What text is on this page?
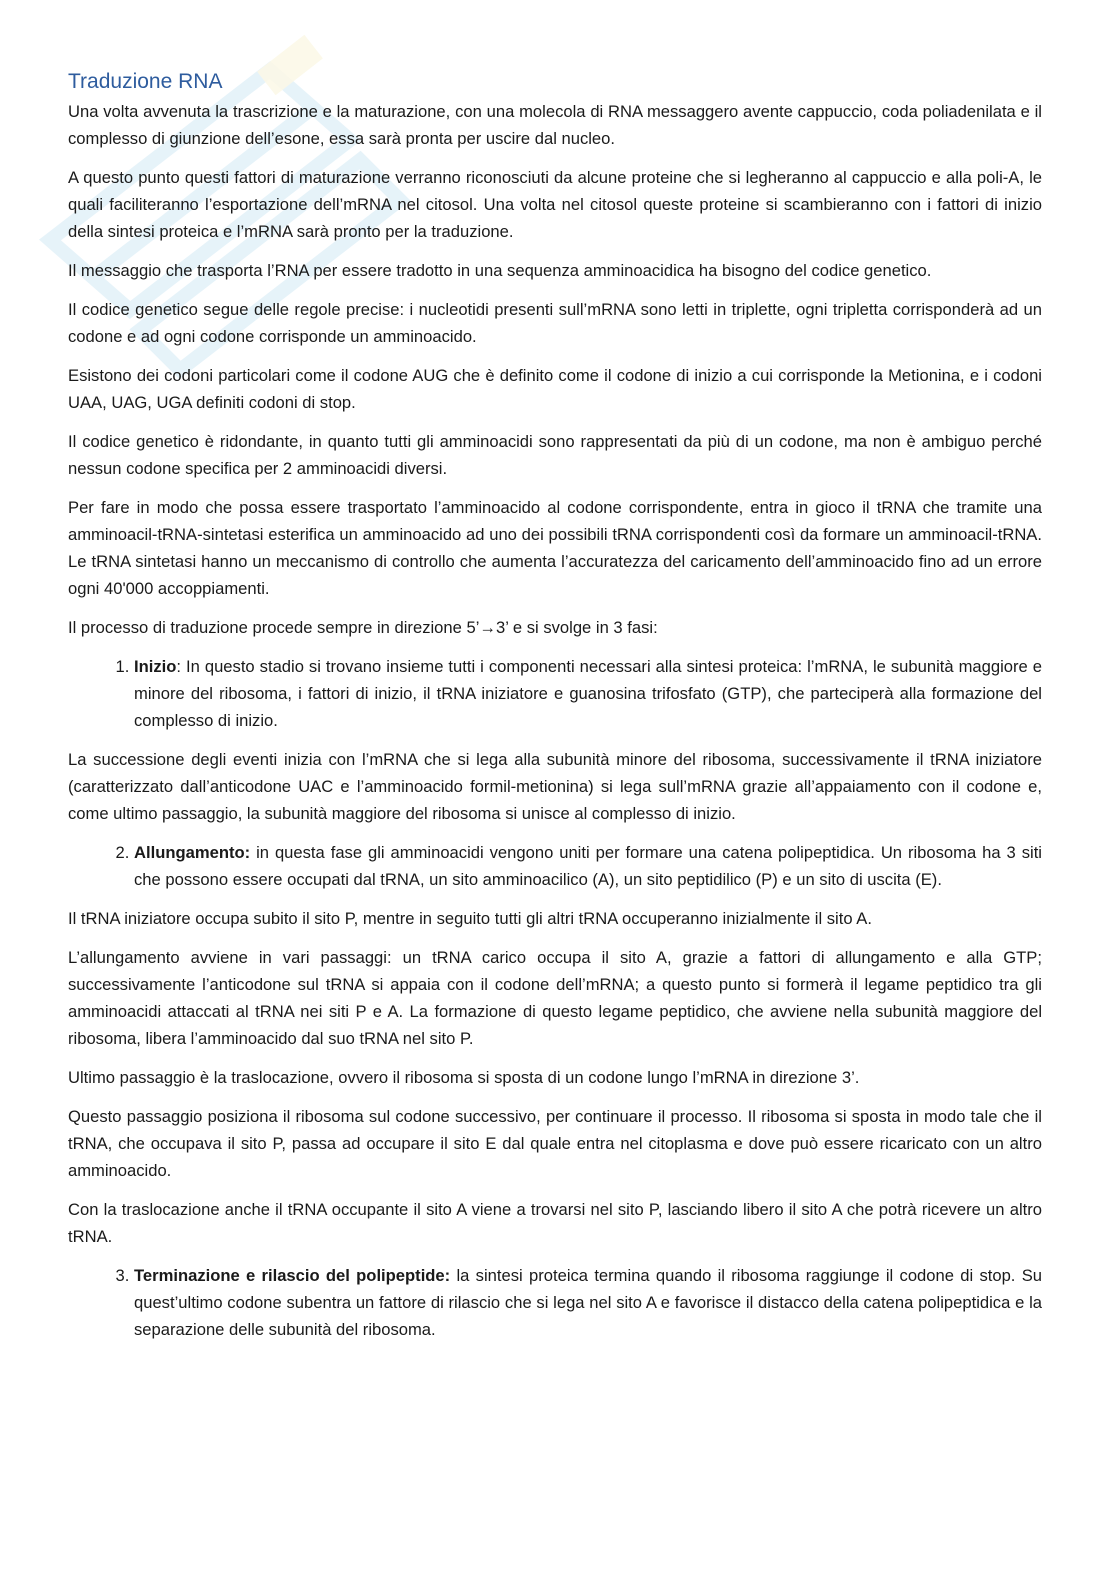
Traduzione RNA

Una volta avvenuta la trascrizione e la maturazione, con una molecola di RNA messaggero avente cappuccio, coda poliadenilata e il complesso di giunzione dell’esone, essa sarà pronta per uscire dal nucleo.

A questo punto questi fattori di maturazione verranno riconosciuti da alcune proteine che si legheranno al cappuccio e alla poli-A, le quali faciliteranno l’esportazione dell’mRNA nel citosol. Una volta nel citosol queste proteine si scambieranno con i fattori di inizio della sintesi proteica e l’mRNA sarà pronto per la traduzione.

Il messaggio che trasporta l’RNA per essere tradotto in una sequenza amminoacidica ha bisogno del codice genetico.

Il codice genetico segue delle regole precise: i nucleotidi presenti sull’mRNA sono letti in triplette, ogni tripletta corrisponderà ad un codone e ad ogni codone corrisponde un amminoacido.

Esistono dei codoni particolari come il codone AUG che è definito come il codone di inizio a cui corrisponde la Metionina, e i codoni UAA, UAG, UGA definiti codoni di stop.

Il codice genetico è ridondante, in quanto tutti gli amminoacidi sono rappresentati da più di un codone, ma non è ambiguo perché nessun codone specifica per 2 amminoacidi diversi.

Per fare in modo che possa essere trasportato l’amminoacido al codone corrispondente, entra in gioco il tRNA che tramite una amminoacil-tRNA-sintetasi esterifica un amminoacido ad uno dei possibili tRNA corrispondenti così da formare un amminoacil-tRNA. Le tRNA sintetasi hanno un meccanismo di controllo che aumenta l’accuratezza del caricamento dell’amminoacido fino ad un errore ogni 40'000 accoppiamenti.

Il processo di traduzione procede sempre in direzione 5’→3’ e si svolge in 3 fasi:

1. Inizio: In questo stadio si trovano insieme tutti i componenti necessari alla sintesi proteica: l’mRNA, le subunità maggiore e minore del ribosoma, i fattori di inizio, il tRNA iniziatore e guanosina trifosfato (GTP), che parteciperà alla formazione del complesso di inizio.

La successione degli eventi inizia con l’mRNA che si lega alla subunità minore del ribosoma, successivamente il tRNA iniziatore (caratterizzato dall’anticodone UAC e l’amminoacido formil-metionina) si lega sull’mRNA grazie all’appaiamento con il codone e, come ultimo passaggio, la subunità maggiore del ribosoma si unisce al complesso di inizio.

2. Allungamento: in questa fase gli amminoacidi vengono uniti per formare una catena polipeptidica. Un ribosoma ha 3 siti che possono essere occupati dal tRNA, un sito amminoacilico (A), un sito peptidilico (P) e un sito di uscita (E).

Il tRNA iniziatore occupa subito il sito P, mentre in seguito tutti gli altri tRNA occuperanno inizialmente il sito A.

L’allungamento avviene in vari passaggi: un tRNA carico occupa il sito A, grazie a fattori di allungamento e alla GTP; successivamente l’anticodone sul tRNA si appaia con il codone dell’mRNA; a questo punto si formerà il legame peptidico tra gli amminoacidi attaccati al tRNA nei siti P e A. La formazione di questo legame peptidico, che avviene nella subunità maggiore del ribosoma, libera l’amminoacido dal suo tRNA nel sito P.

Ultimo passaggio è la traslocazione, ovvero il ribosoma si sposta di un codone lungo l’mRNA in direzione 3’.

Questo passaggio posiziona il ribosoma sul codone successivo, per continuare il processo. Il ribosoma si sposta in modo tale che il tRNA, che occupava il sito P, passa ad occupare il sito E dal quale entra nel citoplasma e dove può essere ricaricato con un altro amminoacido.

Con la traslocazione anche il tRNA occupante il sito A viene a trovarsi nel sito P, lasciando libero il sito A che potrà ricevere un altro tRNA.

3. Terminazione e rilascio del polipeptide: la sintesi proteica termina quando il ribosoma raggiunge il codone di stop. Su quest’ultimo codone subentra un fattore di rilascio che si lega nel sito A e favorisce il distacco della catena polipeptidica e la separazione delle subunità del ribosoma.
